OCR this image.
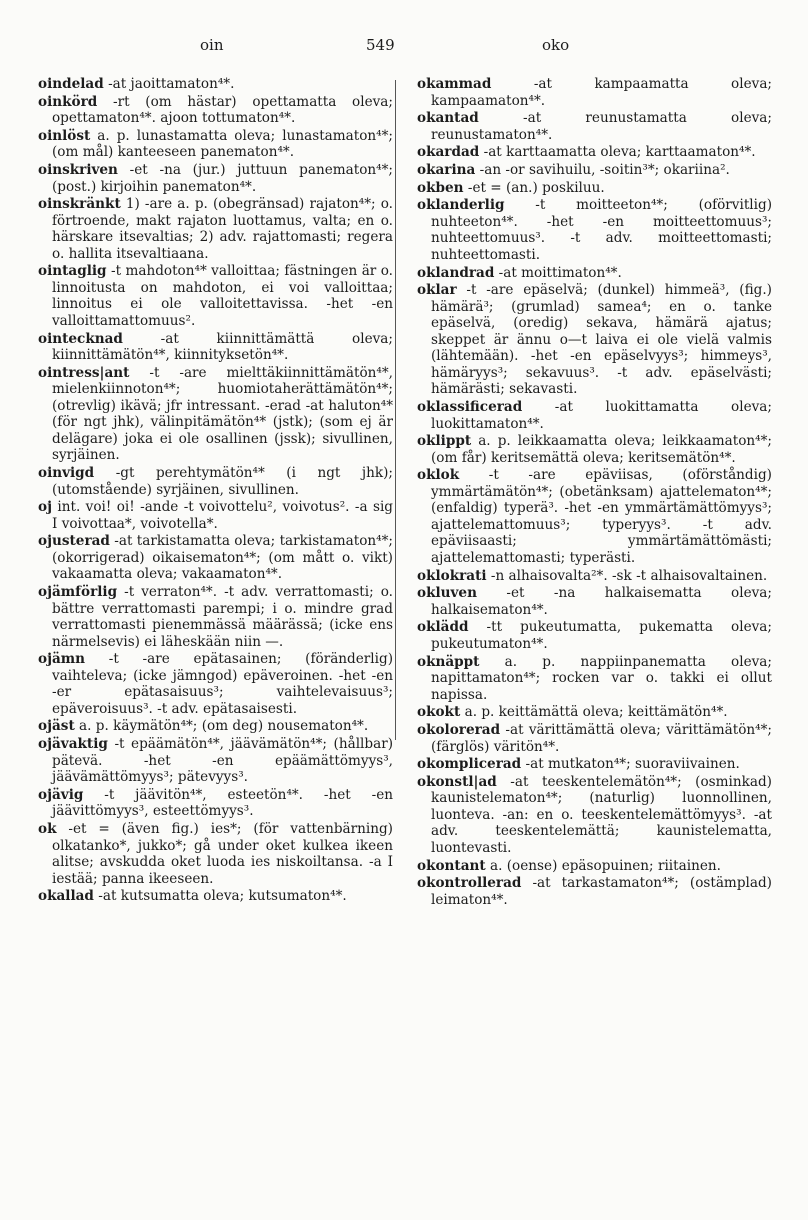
oin	549	oko
oindelad -at jaoittamaton⁴*.
oinkörd -rt (om hästar) opettamatta oleva; opettamaton⁴*. ajoon tottumaton⁴*.
oinlöst a. p. lunastamatta oleva; lunastamaton⁴*; (om mål) kanteeseen panematon⁴*.
oinskriven -et -na (jur.) juttuun panematon⁴*; (post.) kirjoihin panematon⁴*.
oinskränkt 1) -are a. p. (obegränsad) rajaton⁴*; o. förtroende, makt rajaton luottamus, valta; en o. härskare itsevaltias; 2) adv. rajattomasti; regera o. hallita itsevaltiaana.
ointaglig -t mahdoton⁴* valloittaa; fästningen är o. linnoitusta on mahdoton, ei voi valloittaa; linnoitus ei ole valloitettavissa. -het -en valloittamattomuus².
ointecknad -at kiinnittämättä oleva; kiinnittämätön⁴*, kiinnityksetön⁴*.
ointress|ant -t -are mielttäkiinnittämätön⁴*, mielenkiinnoton⁴*; huomiotaherättämätön⁴*; (otrevlig) ikävä; jfr intressant. -erad -at haluton⁴* (för ngt jhk), välinpitämätön⁴* (jstk); (som ej är delägare) joka ei ole osallinen (jssk); sivullinen, syrjäinen.
oinvigd -gt perehtymätön⁴* (i ngt jhk); (utomstående) syrjäinen, sivullinen.
oj int. voi! oi! -ande -t voivottelu², voivotus². -a sig I voivottaa*, voivotella*.
ojusterad -at tarkistamatta oleva; tarkistamaton⁴*; (okorrigerad) oikaisematon⁴*; (om mått o. vikt) vakaamatta oleva; vakaamaton⁴*.
ojämförlig -t verraton⁴*. -t adv. verrattomasti; o. bättre verrattomasti parempi; i o. mindre grad verrattomasti pienemmässä määrässä; (icke ens närmelsevis) ei läheskään niin —.
ojämn -t -are epätasainen; (föränderlig) vaihteleva; (icke jämngod) epäveroinen. -het -en -er epätasaisuus³; vaihtelevaisuus³; epäveroisuus³. -t adv. epätasaisesti.
ojäst a. p. käymätön⁴*; (om deg) nousematon⁴*.
ojävaktig -t epäämätön⁴*, jäävämätön⁴*; (hållbar) pätevä. -het -en epäämättömyys³, jäävämättömyys³; pätevyys³.
ojävig -t jäävitön⁴*, esteetön⁴*. -het -en jäävittömyys³, esteettömyys³.
ok -et = (även fig.) ies*; (för vattenbärning) olkatanko*, jukko*; gå under oket kulkea ikeen alitse; avskudda oket luoda ies niskoiltansa. -a I iestää; panna ikeeseen.
okallad -at kutsumatta oleva; kutsumaton⁴*.
okammad -at kampaamatta oleva; kampaamaton⁴*.
okantad -at reunustamatta oleva; reunustamaton⁴*.
okardad -at karttaamatta oleva; karttaamaton⁴*.
okarina -an -or savihuilu, -soitin³*; okariina².
okben -et = (an.) poskiluu.
oklanderlig -t moitteeton⁴*; (oförvitlig) nuhteeton⁴*. -het -en moitteettomuus³; nuhteettomuus³. -t adv. moitteettomasti; nuhteettomasti.
oklandrad -at moittimaton⁴*.
oklar -t -are epäselvä; (dunkel) himmeä³, (fig.) hämärä³; (grumlad) samea⁴; en o. tanke epäselvä, (oredig) sekava, hämärä ajatus; skeppet är ännu o—t laiva ei ole vielä valmis (lähtemään). -het -en epäselvyys³; himmeys³, hämäryys³; sekavuus³. -t adv. epäselvästi; hämärästi; sekavasti.
oklassificerad -at luokittamatta oleva; luokittamaton⁴*.
oklippt a. p. leikkaamatta oleva; leikkaamaton⁴*; (om får) keritsemättä oleva; keritsemätön⁴*.
oklok -t -are epäviisas, (oförståndig) ymmärtämätön⁴*; (obetänksam) ajattelematon⁴*; (enfaldig) typerä³. -het -en ymmärtämättömyys³; ajattelemattomuus³; typeryys³. -t adv. epäviisaasti; ymmärtämättömästi; ajattelemattomasti; typerästi.
oklokrati -n alhaisovalta²*. -sk -t alhaisovaltainen.
okluven -et -na halkaisematta oleva; halkaisematon⁴*.
oklädd -tt pukeutumatta, pukematta oleva; pukeutumaton⁴*.
oknäppt a. p. nappiinpanematta oleva; napittamaton⁴*; rocken var o. takki ei ollut napissa.
okokt a. p. keittämättä oleva; keittämätön⁴*.
okolorerad -at värittämättä oleva; värittämätön⁴*; (färglös) väritön⁴*.
okomplicerad -at mutkaton⁴*; suoraviivainen.
okonstl|ad -at teeskentelemätön⁴*; (osminkad) kaunistelematon⁴*; (naturlig) luonnollinen, luonteva. -an: en o. teeskentelemättömyys³. -at adv. teeskentelemättä; kaunistelematta, luontevasti.
okontant a. (oense) epäsopuinen; riitainen.
okontrollerad -at tarkastamaton⁴*; (ostämplad) leimaton⁴*.
